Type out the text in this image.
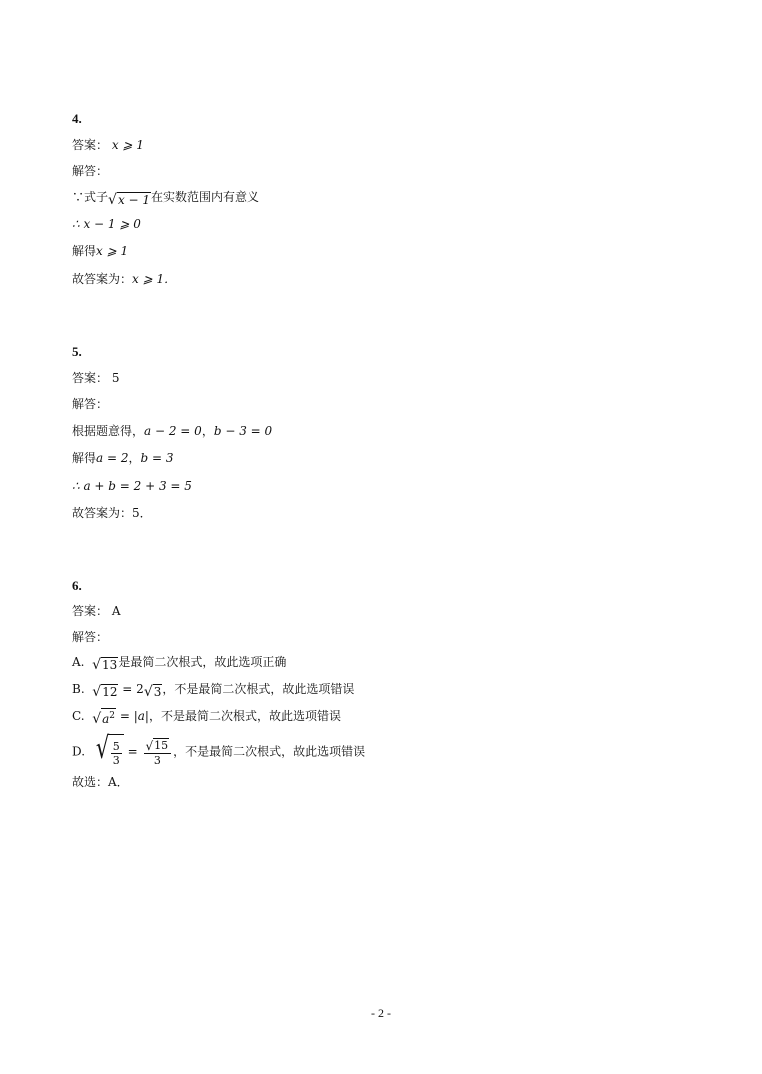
4.
答案： x ⩾ 1
解答：
∵式子 √ x − 1 在实数范围内有意义
∴ x − 1 ⩾ 0
解得x ⩾ 1
故答案为：x ⩾ 1．
5.
答案： 5
解答：
根据题意得，a − 2 = 0，b − 3 = 0
解得a = 2，b = 3
∴ a + b = 2 + 3 = 5
故答案为：5．
6.
答案： A
解答：
A. √ 13 是最简二次根式，故此选项正确
B. √ 12 = 2 √ 3 ，不是最简二次根式，故此选项错误
C. √ $a^2 = |a|$，不是最简二次根式，故此选项错误
D. √ $\frac{5}{3} = \frac{√ 15}{3}$ ，不是最简二次根式，故此选项错误
故选：A．
- 2 -
